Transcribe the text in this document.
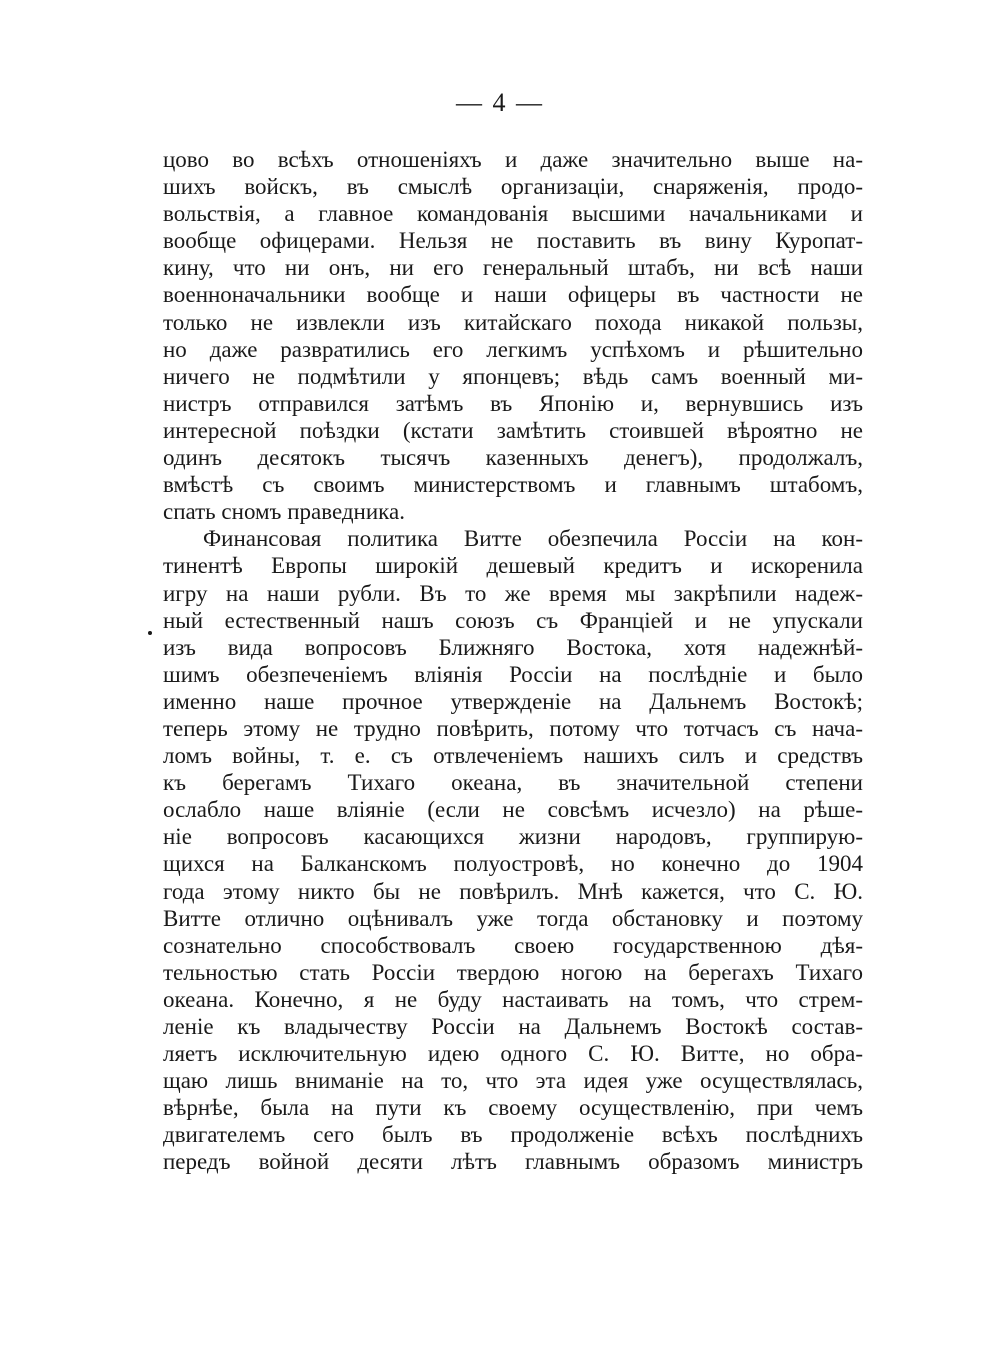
— 4 —
цово во всѣхъ отношеніяхъ и даже значительно выше на-
шихъ войскъ, въ смыслѣ организаціи, снаряженія, продо-
вольствія, а главное командованія высшими начальниками и
вообще офицерами. Нельзя не поставить въ вину Куропат-
кину, что ни онъ, ни его генеральный штабъ, ни всѣ наши
военноначальники вообще и наши офицеры въ частности не
только не извлекли изъ китайскаго похода никакой пользы,
но даже развратились его легкимъ успѣхомъ и рѣшительно
ничего не подмѣтили у японцевъ; вѣдь самъ военный ми-
нистръ отправился затѣмъ въ Японію и, вернувшись изъ
интересной поѣздки (кстати замѣтить стоившей вѣроятно не
одинъ десятокъ тысячъ казенныхъ денегъ), продолжалъ,
вмѣстѣ съ своимъ министерствомъ и главнымъ штабомъ,
спать сномъ праведника.
Финансовая политика Витте обезпечила Россіи на кон-
тинентѣ Европы широкій дешевый кредитъ и искоренила
игру на наши рубли. Въ то же время мы закрѣпили надеж-
ный естественный нашъ союзъ съ Франціей и не упускали
изъ вида вопросовъ Ближняго Востока, хотя надежнѣй-
шимъ обезпеченіемъ вліянія Россіи на послѣдніе и было
именно наше прочное утвержденіе на Дальнемъ Востокѣ;
теперь этому не трудно повѣрить, потому что тотчасъ съ нача-
ломъ войны, т. е. съ отвлеченіемъ нашихъ силъ и средствъ
къ берегамъ Тихаго океана, въ значительной степени
ослабло наше вліяніе (если не совсѣмъ исчезло) на рѣше-
ніе вопросовъ касающихся жизни народовъ, группирую-
щихся на Балканскомъ полуостровѣ, но конечно до 1904
года этому никто бы не повѣрилъ. Мнѣ кажется, что С. Ю.
Витте отлично оцѣнивалъ уже тогда обстановку и поэтому
сознательно способствовалъ своею государственною дѣя-
тельностью стать Россіи твердою ногою на берегахъ Тихаго
океана. Конечно, я не буду настаивать на томъ, что стрем-
леніе къ владычеству Россіи на Дальнемъ Востокѣ состав-
ляетъ исключительную идею одного С. Ю. Витте, но обра-
щаю лишь вниманіе на то, что эта идея уже осуществлялась,
вѣрнѣе, была на пути къ своему осуществленію, при чемъ
двигателемъ сего былъ въ продолженіе всѣхъ послѣднихъ
передъ войной десяти лѣтъ главнымъ образомъ министръ
